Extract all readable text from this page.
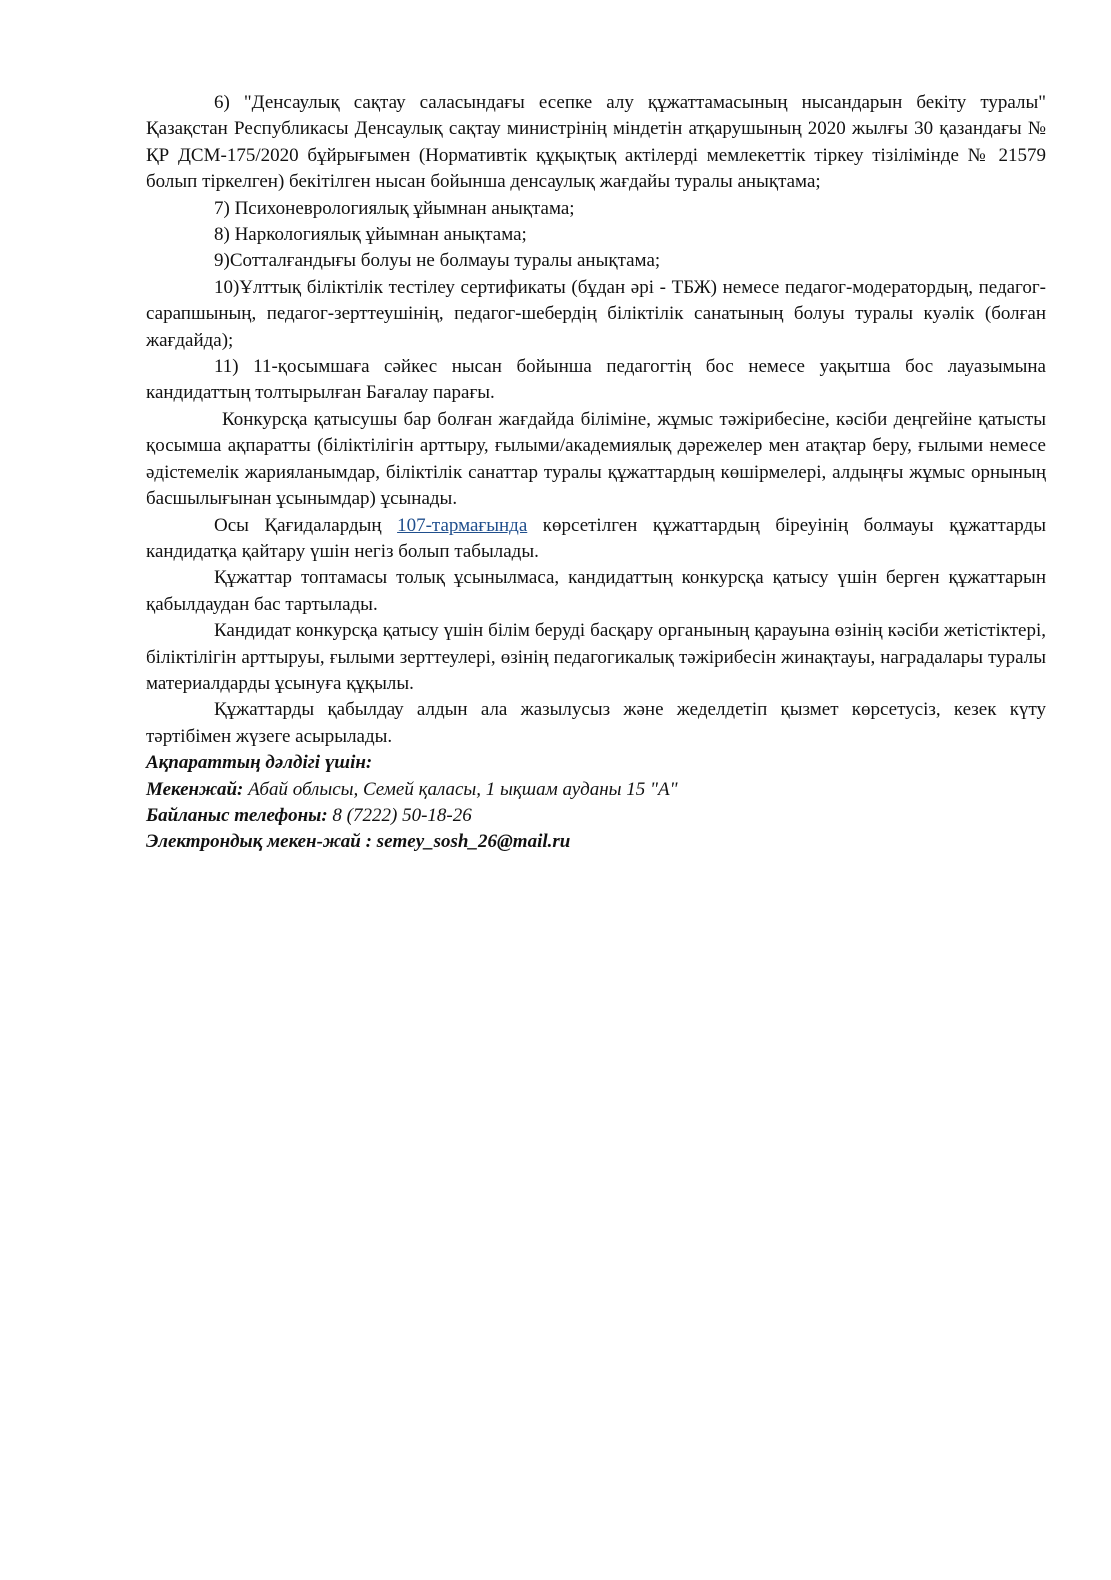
6) "Денсаулық сақтау саласындағы есепке алу құжаттамасының нысандарын бекіту туралы" Қазақстан Республикасы Денсаулық сақтау министрінің міндетін атқарушының 2020 жылғы 30 қазандағы № ҚР ДСМ-175/2020 бұйрығымен (Нормативтік құқықтық актілерді мемлекеттік тіркеу тізілімінде № 21579 болып тіркелген) бекітілген нысан бойынша денсаулық жағдайы туралы анықтама;

7) Психоневрологиялық ұйымнан анықтама;

8) Наркологиялық ұйымнан анықтама;

9)Сотталғандығы болуы не болмауы туралы анықтама;

10)Ұлттық біліктілік тестілеу сертификаты (бұдан әрі - ТБЖ) немесе педагог-модератордың, педагог-сарапшының, педагог-зерттеушінің, педагог-шебердің біліктілік санатының болуы туралы куәлік (болған жағдайда);

11) 11-қосымшаға сәйкес нысан бойынша педагогтің бос немесе уақытша бос лауазымына кандидаттың толтырылған Бағалау парағы.

Конкурсқа қатысушы бар болған жағдайда біліміне, жұмыс тәжірибесіне, кәсіби деңгейіне қатысты қосымша ақпаратты (біліктілігін арттыру, ғылыми/академиялық дәрежелер мен атақтар беру, ғылыми немесе әдістемелік жарияланымдар, біліктілік санаттар туралы құжаттардың көшірмелері, алдыңғы жұмыс орнының басшылығынан ұсынымдар) ұсынады.

Осы Қағидалардың 107-тармағында көрсетілген құжаттардың біреуінің болмауы құжаттарды кандидатқа қайтару үшін негіз болып табылады.

Құжаттар топтамасы толық ұсынылмаса, кандидаттың конкурсқа қатысу үшін берген құжаттарын қабылдаудан бас тартылады.

Кандидат конкурсқа қатысу үшін білім беруді басқару органының қарауына өзінің кәсіби жетістіктері, біліктілігін арттыруы, ғылыми зерттеулері, өзінің педагогикалық тәжірибесін жинақтауы, наградалары туралы материалдарды ұсынуға құқылы.

Құжаттарды қабылдау алдын ала жазылусыз және жеделдетіп қызмет көрсетусіз, кезек күту тәртібімен жүзеге асырылады.

Ақпараттың дәлдігі үшін:

Мекенжай: Абай облысы, Семей қаласы, 1 ықшам ауданы 15 "А"

Байланыс телефоны: 8 (7222) 50-18-26

Электрондық мекен-жай : semey_sosh_26@mail.ru
